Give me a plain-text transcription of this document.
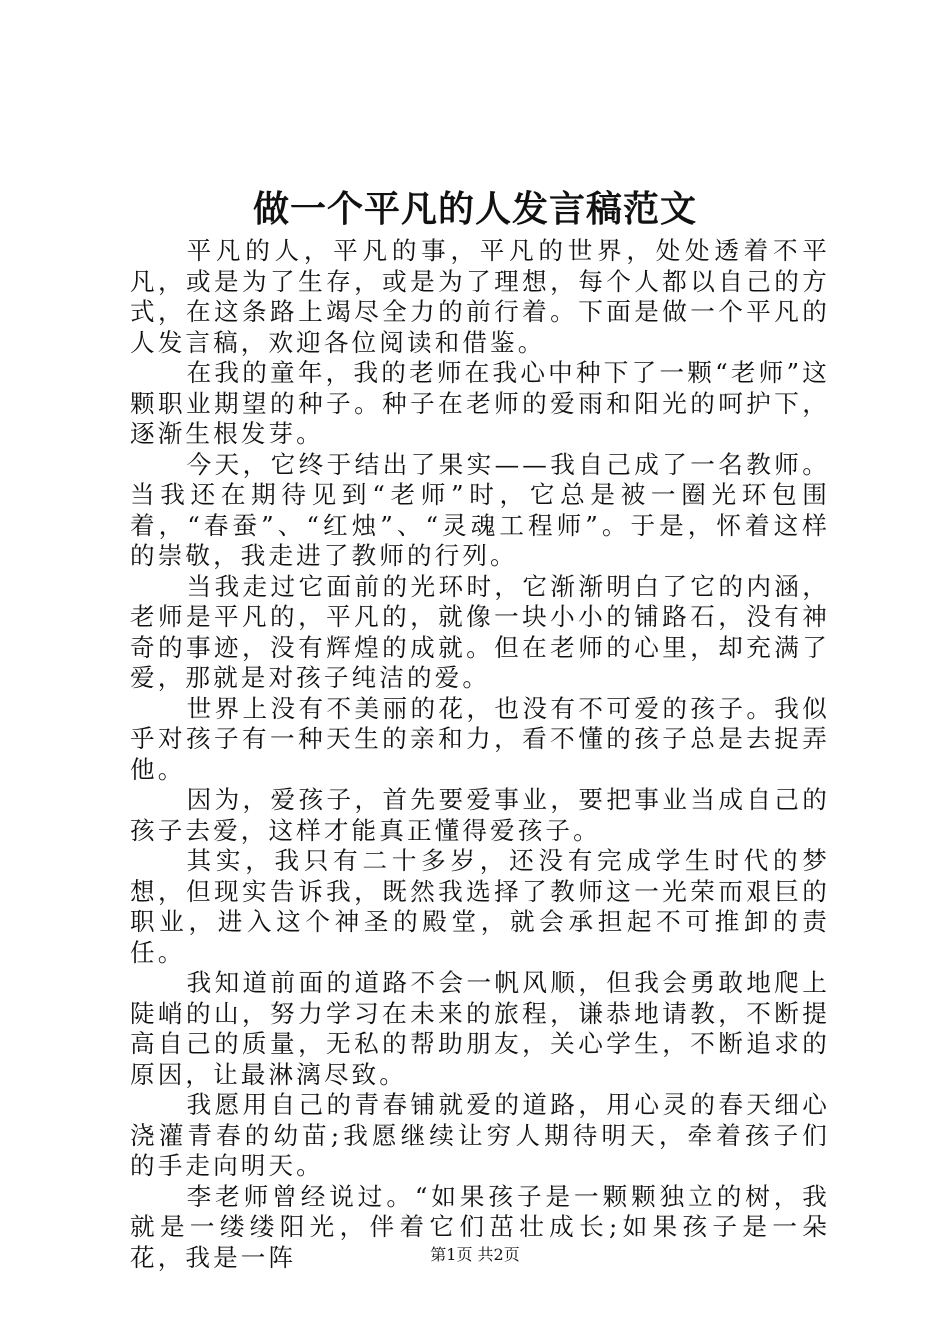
做一个平凡的人发言稿范文

平凡的人，平凡的事，平凡的世界，处处透着不平凡，或是为了生存，或是为了理想，每个人都以自己的方式，在这条路上竭尽全力的前行着。下面是做一个平凡的人发言稿，欢迎各位阅读和借鉴。

在我的童年，我的老师在我心中种下了一颗“老师”这颗职业期望的种子。种子在老师的爱雨和阳光的呵护下，逐渐生根发芽。

今天，它终于结出了果实——我自己成了一名教师。当我还在期待见到“老师”时，它总是被一圈光环包围着，“春蚕”、“红烛”、“灵魂工程师”。于是，怀着这样的崇敬，我走进了教师的行列。

当我走过它面前的光环时，它渐渐明白了它的内涵，老师是平凡的，平凡的，就像一块小小的铺路石，没有神奇的事迹，没有辉煌的成就。但在老师的心里，却充满了爱，那就是对孩子纯洁的爱。

世界上没有不美丽的花，也没有不可爱的孩子。我似乎对孩子有一种天生的亲和力，看不懂的孩子总是去捉弄他。

因为，爱孩子，首先要爱事业，要把事业当成自己的孩子去爱，这样才能真正懂得爱孩子。

其实，我只有二十多岁，还没有完成学生时代的梦想，但现实告诉我，既然我选择了教师这一光荣而艰巨的职业，进入这个神圣的殿堂，就会承担起不可推卸的责任。

我知道前面的道路不会一帆风顺，但我会勇敢地爬上陡峭的山，努力学习在未来的旅程，谦恭地请教，不断提高自己的质量，无私的帮助朋友，关心学生，不断追求的原因，让最淋漓尽致。

我愿用自己的青春铺就爱的道路，用心灵的春天细心浇灌青春的幼苗;我愿继续让穷人期待明天，牵着孩子们的手走向明天。

李老师曾经说过。“如果孩子是一颗颗独立的树，我就是一缕缕阳光，伴着它们茁壮成长;如果孩子是一朵花，我是一阵	第1页 共2页
